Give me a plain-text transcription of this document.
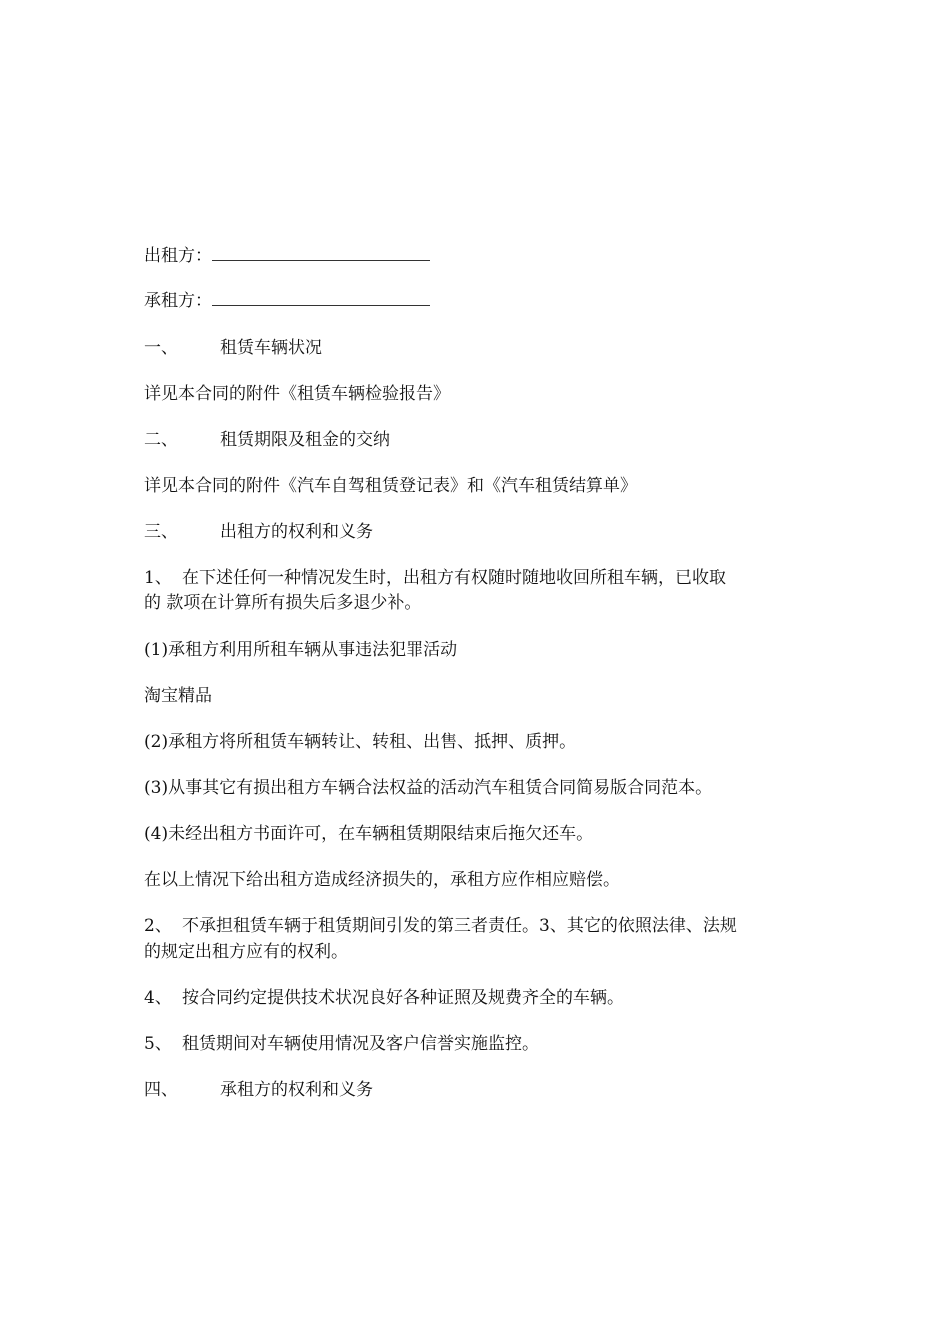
出租方：
承租方：
一、 租赁车辆状况
详见本合同的附件《租赁车辆检验报告》
二、 租赁期限及租金的交纳
详见本合同的附件《汽车自驾租赁登记表》和《汽车租赁结算单》
三、 出租方的权利和义务
1、 在下述任何一种情况发生时，出租方有权随时随地收回所租车辆，已收取
的 款项在计算所有损失后多退少补。
(1)承租方利用所租车辆从事违法犯罪活动
淘宝精品
(2)承租方将所租赁车辆转让、转租、出售、抵押、质押。
(3)从事其它有损出租方车辆合法权益的活动汽车租赁合同简易版合同范本。
(4)未经出租方书面许可，在车辆租赁期限结束后拖欠还车。
在以上情况下给出租方造成经济损失的，承租方应作相应赔偿。
2、 不承担租赁车辆于租赁期间引发的第三者责任。3、其它的依照法律、法规
的规定出租方应有的权利。
4、 按合同约定提供技术状况良好各种证照及规费齐全的车辆。
5、 租赁期间对车辆使用情况及客户信誉实施监控。
四、 承租方的权利和义务
